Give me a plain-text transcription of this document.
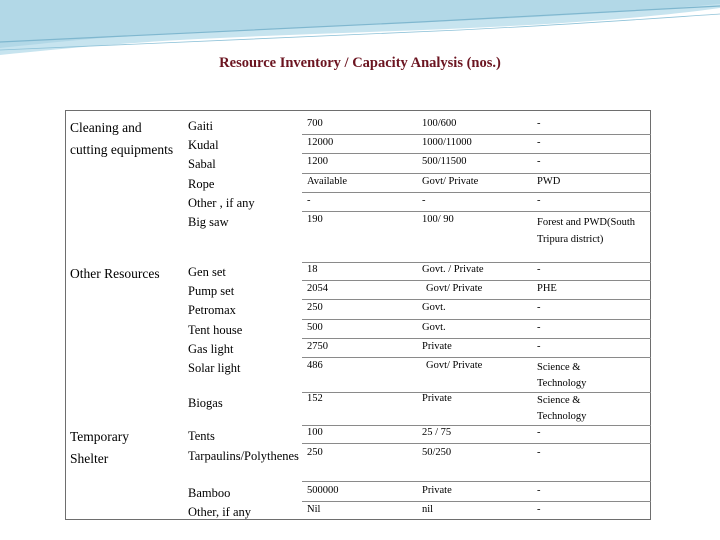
Resource Inventory / Capacity Analysis (nos.)
Cleaning and cutting equipments
Other Resources
Temporary Shelter
Gaiti	700	100/600	-
Kudal	12000	1000/11000	-
Sabal	1200	500/11500	-
Rope	Available	Govt/ Private	PWD
Other , if any	-	-	-
Big saw	190	100/ 90	Forest and PWD(South Tripura district)
Gen set	18	Govt. / Private	-
Pump set	2054	Govt/ Private	PHE
Petromax	250	Govt.	-
Tent house	500	Govt.	-
Gas light	2750	Private	-
Solar light	486	Govt/ Private	Science & Technology
Biogas	152	Private	Science & Technology
Tents	100	25 / 75	-
Tarpaulins/Polythenes 250	50/250	-
Bamboo	500000	Private	-
Other, if any	Nil	nil	-
